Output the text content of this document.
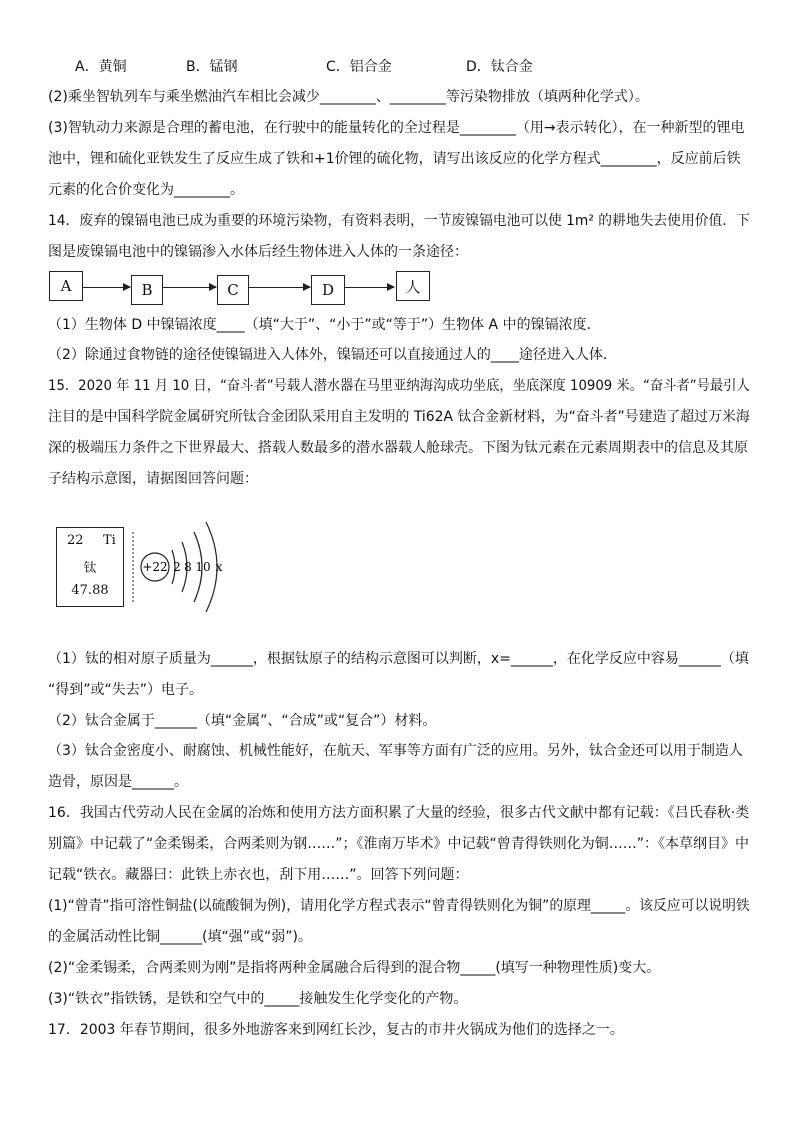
A．黄铜	B．锰钢	C．铝合金	D．钛合金
(2)乘坐智轨列车与乘坐燃油汽车相比会减少________、________等污染物排放（填两种化学式）。
(3)智轨动力来源是合理的蓄电池，在行驶中的能量转化的全过程是________（用→表示转化），在一种新型的锂电
池中，锂和硫化亚铁发生了反应生成了铁和+1价锂的硫化物，请写出该反应的化学方程式________，反应前后铁
元素的化合价变化为________。
14．废弃的镍镉电池已成为重要的环境污染物，有资料表明，一节废镍镉电池可以使 1m² 的耕地失去使用价值．下
图是废镍镉电池中的镍镉渗入水体后经生物体进入人体的一条途径：
A	B	C	D	人
（1）生物体 D 中镍镉浓度____（填“大于”、“小于”或“等于”）生物体 A 中的镍镉浓度．
（2）除通过食物链的途径使镍镉进入人体外，镍镉还可以直接通过人的____途径进入人体．
15．2020 年 11 月 10 日，“奋斗者”号载人潜水器在马里亚纳海沟成功坐底，坐底深度 10909 米。“奋斗者”号最引人
注目的是中国科学院金属研究所钛合金团队采用自主发明的 Ti62A 钛合金新材料，为“奋斗者”号建造了超过万米海
深的极端压力条件之下世界最大、搭载人数最多的潜水器载人舱球壳。下图为钛元素在元素周期表中的信息及其原
子结构示意图，请据图回答问题：
22 Ti
钛
47.88
+22 2 8 10 x
（1）钛的相对原子质量为______，根据钛原子的结构示意图可以判断，x=______，在化学反应中容易______（填
“得到”或“失去”）电子。
（2）钛合金属于______（填“金属”、“合成”或“复合”）材料。
（3）钛合金密度小、耐腐蚀、机械性能好，在航天、军事等方面有广泛的应用。另外，钛合金还可以用于制造人
造骨，原因是______。
16．我国古代劳动人民在金属的冶炼和使用方法方面积累了大量的经验，很多古代文献中都有记载：《吕氏春秋·类
别篇》中记载了“金柔锡柔，合两柔则为钢……”；《淮南万毕术》中记载“曾青得铁则化为铜……”：《本草纲目》中
记载“铁衣。藏器曰：此铁上赤衣也，刮下用……”。回答下列问题：
(1)“曾青”指可溶性铜盐(以硫酸铜为例)，请用化学方程式表示“曾青得铁则化为铜”的原理_____。该反应可以说明铁
的金属活动性比铜______(填“强”或“弱”)。
(2)“金柔锡柔，合两柔则为刚”是指将两种金属融合后得到的混合物_____(填写一种物理性质)变大。
(3)“铁衣”指铁锈，是铁和空气中的_____接触发生化学变化的产物。
17．2003 年春节期间，很多外地游客来到网红长沙，复古的市井火锅成为他们的选择之一。
